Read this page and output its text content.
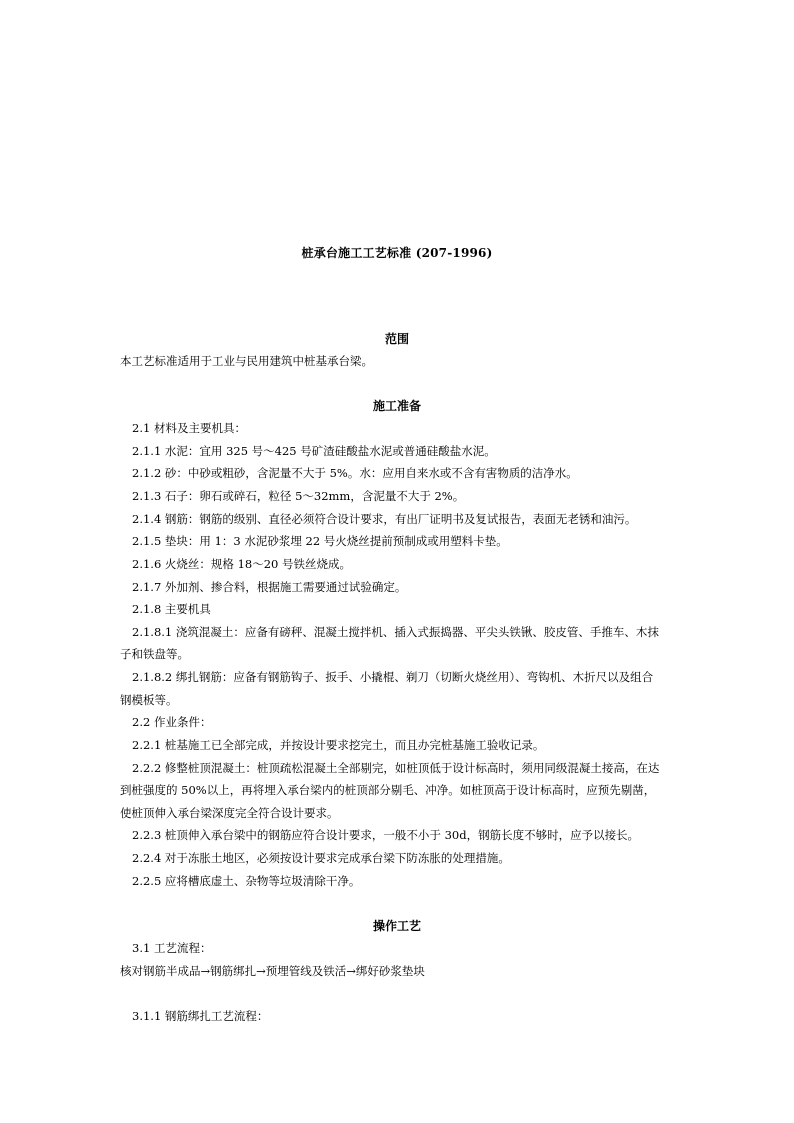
桩承台施工工艺标准 (207-1996)
范围
本工艺标准适用于工业与民用建筑中桩基承台梁。
施工准备
2.1 材料及主要机具：
2.1.1 水泥：宜用 325 号～425 号矿渣硅酸盐水泥或普通硅酸盐水泥。
2.1.2 砂：中砂或粗砂，含泥量不大于 5%。水：应用自来水或不含有害物质的洁净水。
2.1.3 石子：卵石或碎石，粒径 5～32mm，含泥量不大于 2%。
2.1.4 钢筋：钢筋的级别、直径必须符合设计要求，有出厂证明书及复试报告，表面无老锈和油污。
2.1.5 垫块：用 1：3 水泥砂浆埋 22 号火烧丝提前预制成或用塑料卡垫。
2.1.6 火烧丝：规格 18～20 号铁丝烧成。
2.1.7 外加剂、掺合料，根据施工需要通过试验确定。
2.1.8 主要机具
2.1.8.1 浇筑混凝土：应备有磅秤、混凝土搅拌机、插入式振捣器、平尖头铁锹、胶皮管、手推车、木抹
子和铁盘等。
2.1.8.2 绑扎钢筋：应备有钢筋钩子、扳手、小撬棍、剃刀（切断火烧丝用）、弯钩机、木折尺以及组合
钢模板等。
2.2 作业条件：
2.2.1 桩基施工已全部完成，并按设计要求挖完土，而且办完桩基施工验收记录。
2.2.2 修整桩顶混凝土：桩顶疏松混凝土全部剔完，如桩顶低于设计标高时，须用同级混凝土接高，在达
到桩强度的 50%以上，再将埋入承台梁内的桩顶部分剔毛、冲净。如桩顶高于设计标高时，应预先剔凿，
使桩顶伸入承台梁深度完全符合设计要求。
2.2.3 桩顶伸入承台梁中的钢筋应符合设计要求，一般不小于 30d，钢筋长度不够时，应予以接长。
2.2.4 对于冻胀土地区，必须按设计要求完成承台梁下防冻胀的处理措施。
2.2.5 应将槽底虚土、杂物等垃圾清除干净。
操作工艺
3.1 工艺流程：
核对钢筋半成品→钢筋绑扎→预埋管线及铁活→绑好砂浆垫块
3.1.1 钢筋绑扎工艺流程：
